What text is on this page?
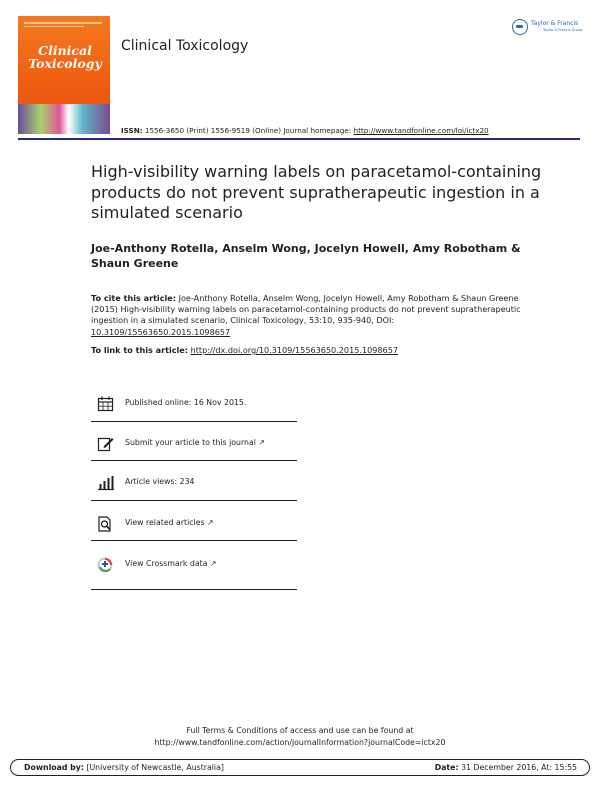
Clinical
Toxicology
Clinical Toxicology
Taylor & Francis
Taylor & Francis Group
ISSN: 1556-3650 (Print) 1556-9519 (Online) Journal homepage: http://www.tandfonline.com/loi/ictx20
High-visibility warning labels on paracetamol-containing products do not prevent supratherapeutic ingestion in a simulated scenario
Joe-Anthony Rotella, Anselm Wong, Jocelyn Howell, Amy Robotham & Shaun Greene
To cite this article: Joe-Anthony Rotella, Anselm Wong, Jocelyn Howell, Amy Robotham & Shaun Greene (2015) High-visibility warning labels on paracetamol-containing products do not prevent supratherapeutic ingestion in a simulated scenario, Clinical Toxicology, 53:10, 935-940, DOI: 10.3109/15563650.2015.1098657
To link to this article: http://dx.doi.org/10.3109/15563650.2015.1098657
Published online: 16 Nov 2015.
Submit your article to this journal ↗
Article views: 234
View related articles ↗
View Crossmark data ↗
Full Terms & Conditions of access and use can be found at
http://www.tandfonline.com/action/journalInformation?journalCode=ictx20
Download by: [University of Newcastle, Australia]	Date: 31 December 2016, At: 15:55
